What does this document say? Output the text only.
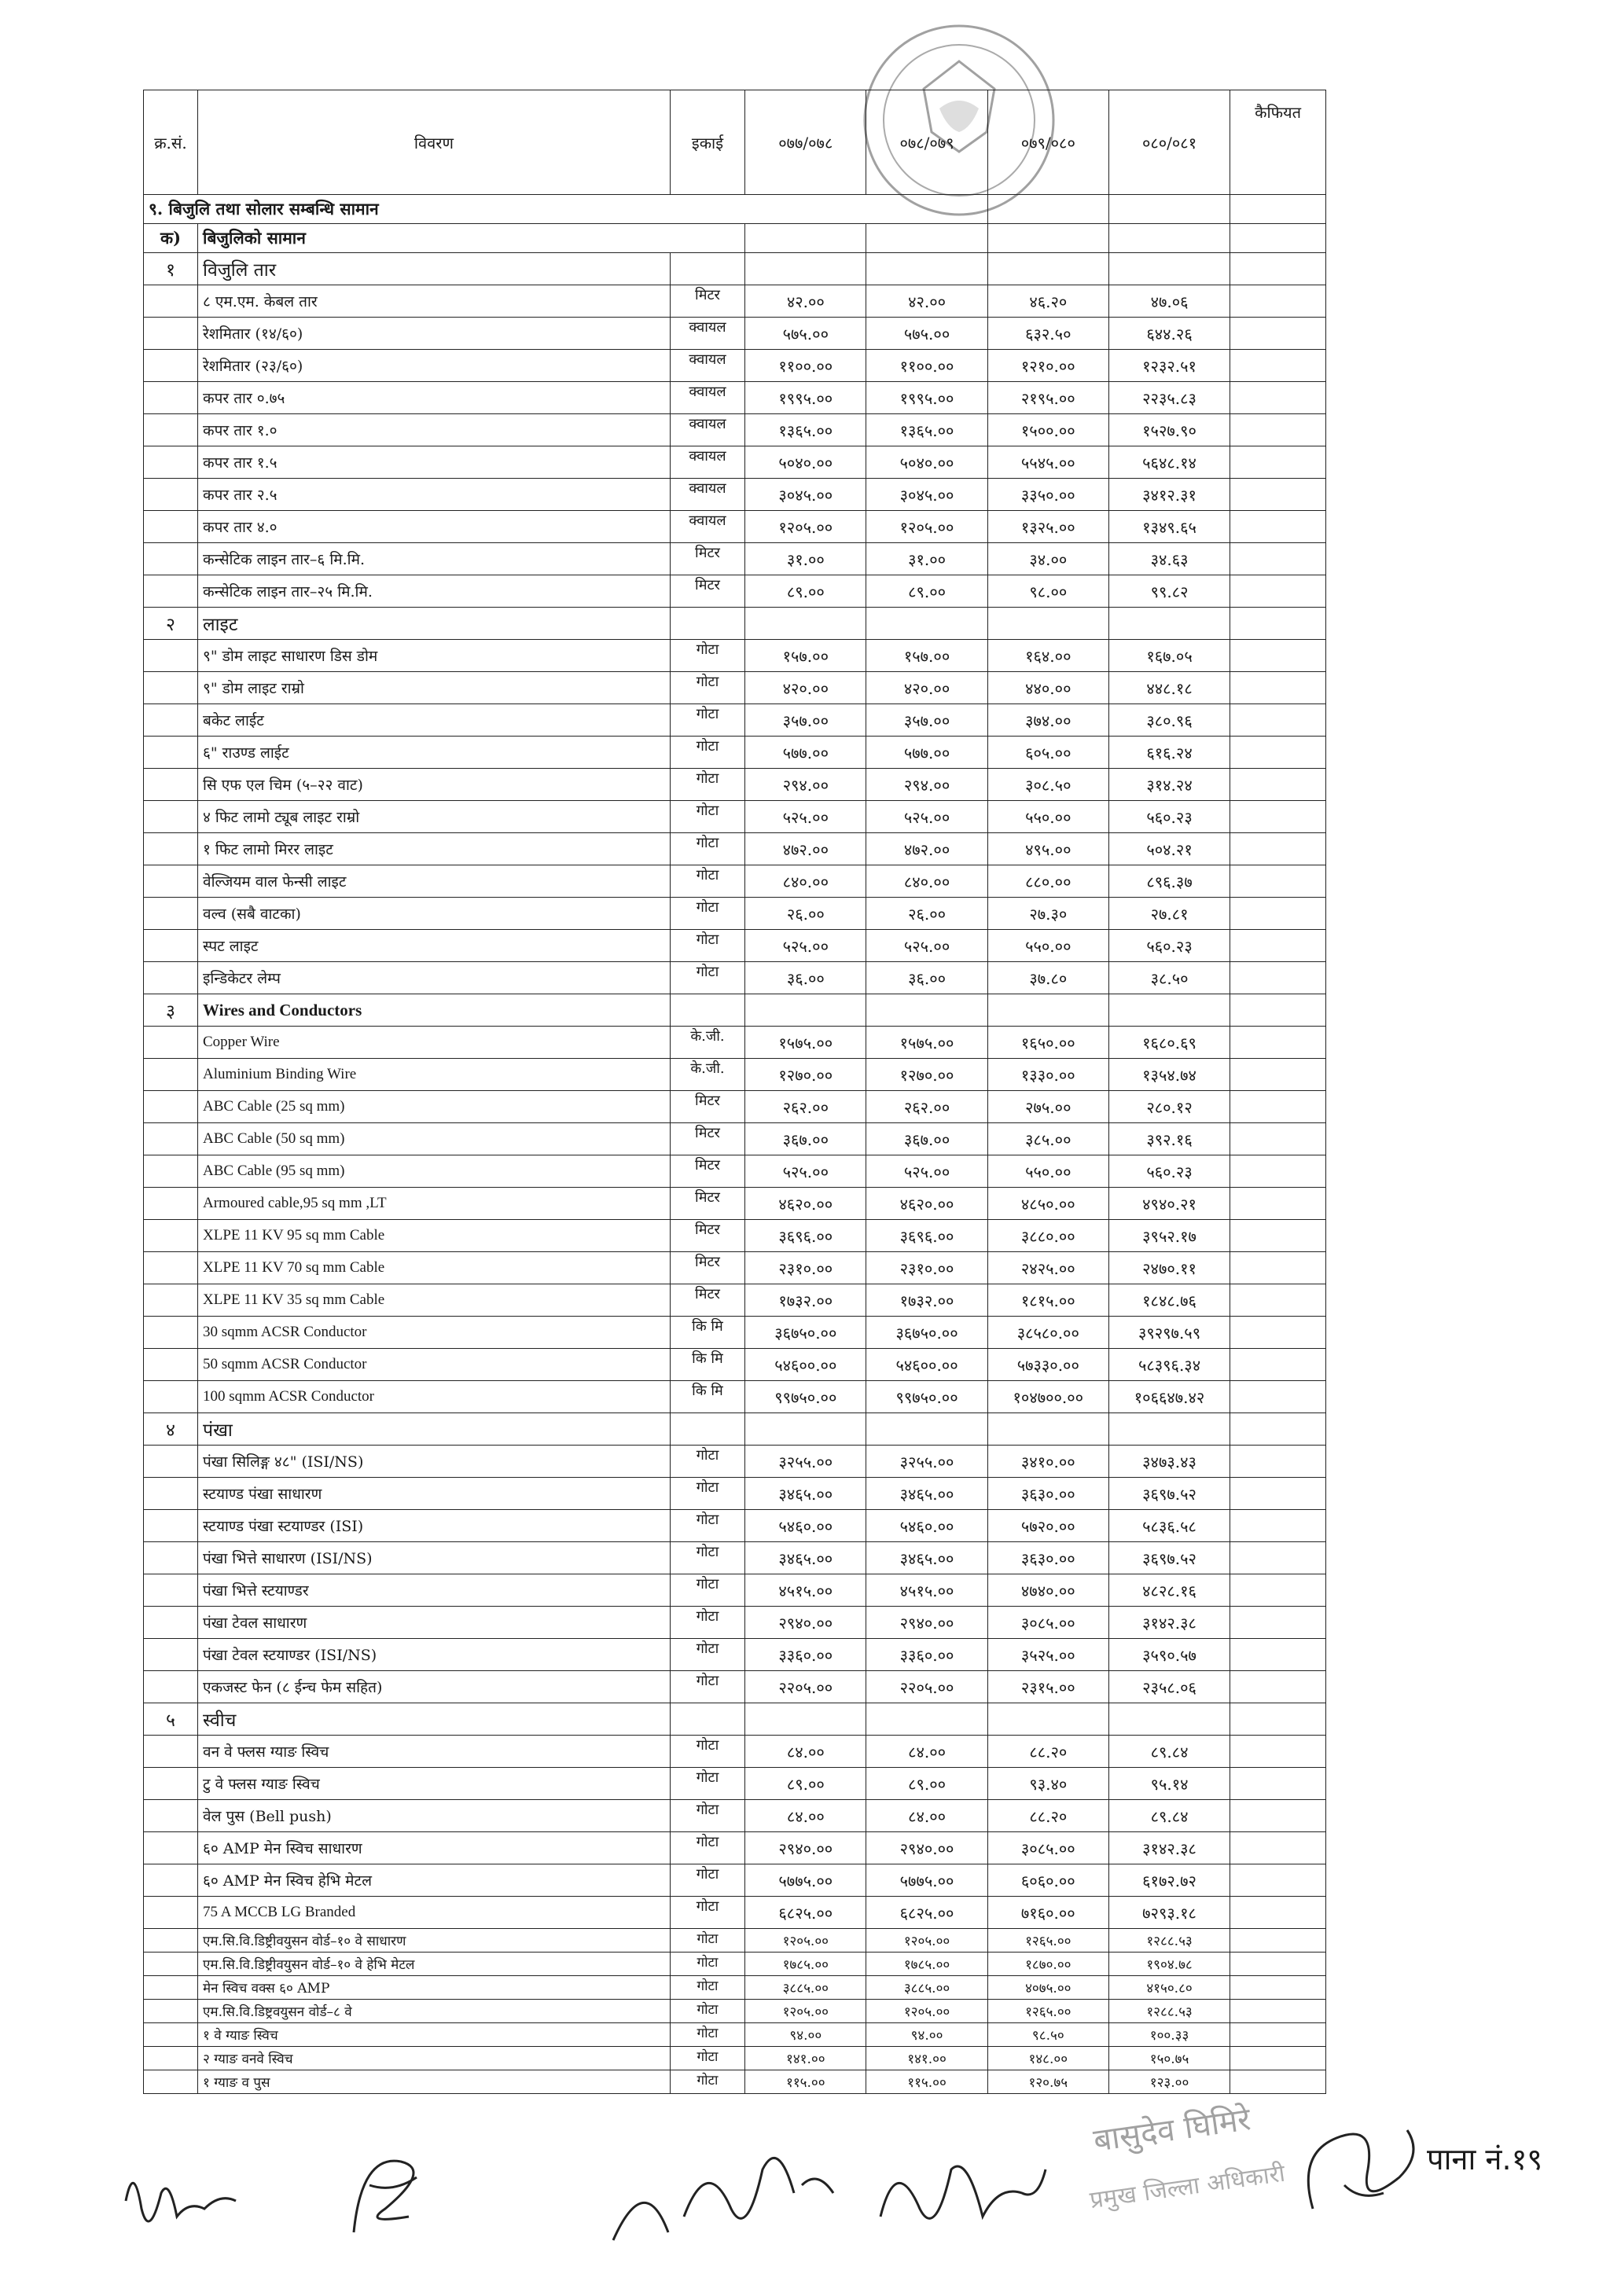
क्र.सं.	विवरण	इकाई	०७७/०७८	०७८/०७९	०७९/०८०	०८०/०८१	कैफियत
९. बिजुलि तथा सोलार सम्बन्धि सामान							
क)	बिजुलिको सामान						
१	विजुलि तार						
	८ एम.एम. केबल तार	मिटर	४२.००	४२.००	४६.२०	४७.०६	
	रेशमितार (१४/६०)	क्वायल	५७५.००	५७५.००	६३२.५०	६४४.२६	
	रेशमितार (२३/६०)	क्वायल	११००.००	११००.००	१२१०.००	१२३२.५१	
	कपर तार ०.७५	क्वायल	१९९५.००	१९९५.००	२१९५.००	२२३५.८३	
	कपर तार १.०	क्वायल	१३६५.००	१३६५.००	१५००.००	१५२७.९०	
	कपर तार १.५	क्वायल	५०४०.००	५०४०.००	५५४५.००	५६४८.१४	
	कपर तार २.५	क्वायल	३०४५.००	३०४५.००	३३५०.००	३४१२.३१	
	कपर तार ४.०	क्वायल	१२०५.००	१२०५.००	१३२५.००	१३४९.६५	
	कन्सेटिक लाइन तार–६ मि.मि.	मिटर	३१.००	३१.००	३४.००	३४.६३	
	कन्सेटिक लाइन तार–२५ मि.मि.	मिटर	८९.००	८९.००	९८.००	९९.८२	
२	लाइट						
	९" डोम लाइट साधारण डिस डोम	गोटा	१५७.००	१५७.००	१६४.००	१६७.०५	
	९" डोम लाइट राम्रो	गोटा	४२०.००	४२०.००	४४०.००	४४८.१८	
	बकेट लाईट	गोटा	३५७.००	३५७.००	३७४.००	३८०.९६	
	६" राउण्ड लाईट	गोटा	५७७.००	५७७.००	६०५.००	६१६.२४	
	सि एफ एल चिम (५–२२ वाट)	गोटा	२९४.००	२९४.००	३०८.५०	३१४.२४	
	४ फिट लामो ट्यूब लाइट राम्रो	गोटा	५२५.००	५२५.००	५५०.००	५६०.२३	
	१ फिट लामो मिरर लाइट	गोटा	४७२.००	४७२.००	४९५.००	५०४.२१	
	वेल्जियम वाल फेन्सी लाइट	गोटा	८४०.००	८४०.००	८८०.००	८९६.३७	
	वल्व (सबै वाटका)	गोटा	२६.००	२६.००	२७.३०	२७.८१	
	स्पट लाइट	गोटा	५२५.००	५२५.००	५५०.००	५६०.२३	
	इन्डिकेटर लेम्प	गोटा	३६.००	३६.००	३७.८०	३८.५०	
३	Wires and Conductors						
	Copper Wire	के.जी.	१५७५.००	१५७५.००	१६५०.००	१६८०.६९	
	Aluminium Binding Wire	के.जी.	१२७०.००	१२७०.००	१३३०.००	१३५४.७४	
	ABC Cable (25 sq mm)	मिटर	२६२.००	२६२.००	२७५.००	२८०.१२	
	ABC Cable (50 sq mm)	मिटर	३६७.००	३६७.००	३८५.००	३९२.१६	
	ABC Cable (95 sq mm)	मिटर	५२५.००	५२५.००	५५०.००	५६०.२३	
	Armoured cable,95 sq mm ,LT	मिटर	४६२०.००	४६२०.००	४८५०.००	४९४०.२१	
	XLPE 11 KV 95 sq mm Cable	मिटर	३६९६.००	३६९६.००	३८८०.००	३९५२.१७	
	XLPE 11 KV 70 sq mm Cable	मिटर	२३१०.००	२३१०.००	२४२५.००	२४७०.११	
	XLPE 11 KV 35 sq mm Cable	मिटर	१७३२.००	१७३२.००	१८१५.००	१८४८.७६	
	30 sqmm ACSR Conductor	कि मि	३६७५०.००	३६७५०.००	३८५८०.००	३९२९७.५९	
	50 sqmm ACSR Conductor	कि मि	५४६००.००	५४६००.००	५७३३०.००	५८३९६.३४	
	100 sqmm ACSR Conductor	कि मि	९९७५०.००	९९७५०.००	१०४७००.००	१०६६४७.४२	
४	पंखा						
	पंखा सिलिङ्ग ४८" (ISI/NS)	गोटा	३२५५.००	३२५५.००	३४१०.००	३४७३.४३	
	स्टयाण्ड पंखा साधारण	गोटा	३४६५.००	३४६५.००	३६३०.००	३६९७.५२	
	स्टयाण्ड पंखा स्टयाण्डर (ISI)	गोटा	५४६०.००	५४६०.००	५७२०.००	५८३६.५८	
	पंखा भित्ते साधारण (ISI/NS)	गोटा	३४६५.००	३४६५.००	३६३०.००	३६९७.५२	
	पंखा भित्ते स्टयाण्डर	गोटा	४५१५.००	४५१५.००	४७४०.००	४८२८.१६	
	पंखा टेवल साधारण	गोटा	२९४०.००	२९४०.००	३०८५.००	३१४२.३८	
	पंखा टेवल स्टयाण्डर (ISI/NS)	गोटा	३३६०.००	३३६०.००	३५२५.००	३५९०.५७	
	एकजस्ट फेन (८ ईन्च फेम सहित)	गोटा	२२०५.००	२२०५.००	२३१५.००	२३५८.०६	
५	स्वीच						
	वन वे फ्लस ग्याङ स्विच	गोटा	८४.००	८४.००	८८.२०	८९.८४	
	टु वे फ्लस ग्याङ स्विच	गोटा	८९.००	८९.००	९३.४०	९५.१४	
	वेल पुस (Bell push)	गोटा	८४.००	८४.००	८८.२०	८९.८४	
	६० AMP मेन स्विच साधारण	गोटा	२९४०.००	२९४०.००	३०८५.००	३१४२.३८	
	६० AMP मेन स्विच हेभि मेटल	गोटा	५७७५.००	५७७५.००	६०६०.००	६१७२.७२	
	75 A MCCB LG Branded	गोटा	६८२५.००	६८२५.००	७१६०.००	७२९३.१८	
	एम.सि.वि.डिष्ट्रीवयुसन वोर्ड–१० वे साधारण	गोटा	१२०५.००	१२०५.००	१२६५.००	१२८८.५३	
	एम.सि.वि.डिष्ट्रीवयुसन वोर्ड–१० वे हेभि मेटल	गोटा	१७८५.००	१७८५.००	१८७०.००	१९०४.७८	
	मेन स्विच वक्स ६० AMP	गोटा	३८८५.००	३८८५.००	४०७५.००	४१५०.८०	
	एम.सि.वि.डिष्ट्रवयुसन वोर्ड–८ वे	गोटा	१२०५.००	१२०५.००	१२६५.००	१२८८.५३	
	१ वे ग्याङ स्विच	गोटा	९४.००	९४.००	९८.५०	१००.३३	
	२ ग्याङ वनवे स्विच	गोटा	१४१.००	१४१.००	१४८.००	१५०.७५	
	१ ग्याङ व पुस	गोटा	११५.००	११५.००	१२०.७५	१२३.००	
बासुदेव घिमिरे
प्रमुख जिल्ला अधिकारी
पाना नं.१९
